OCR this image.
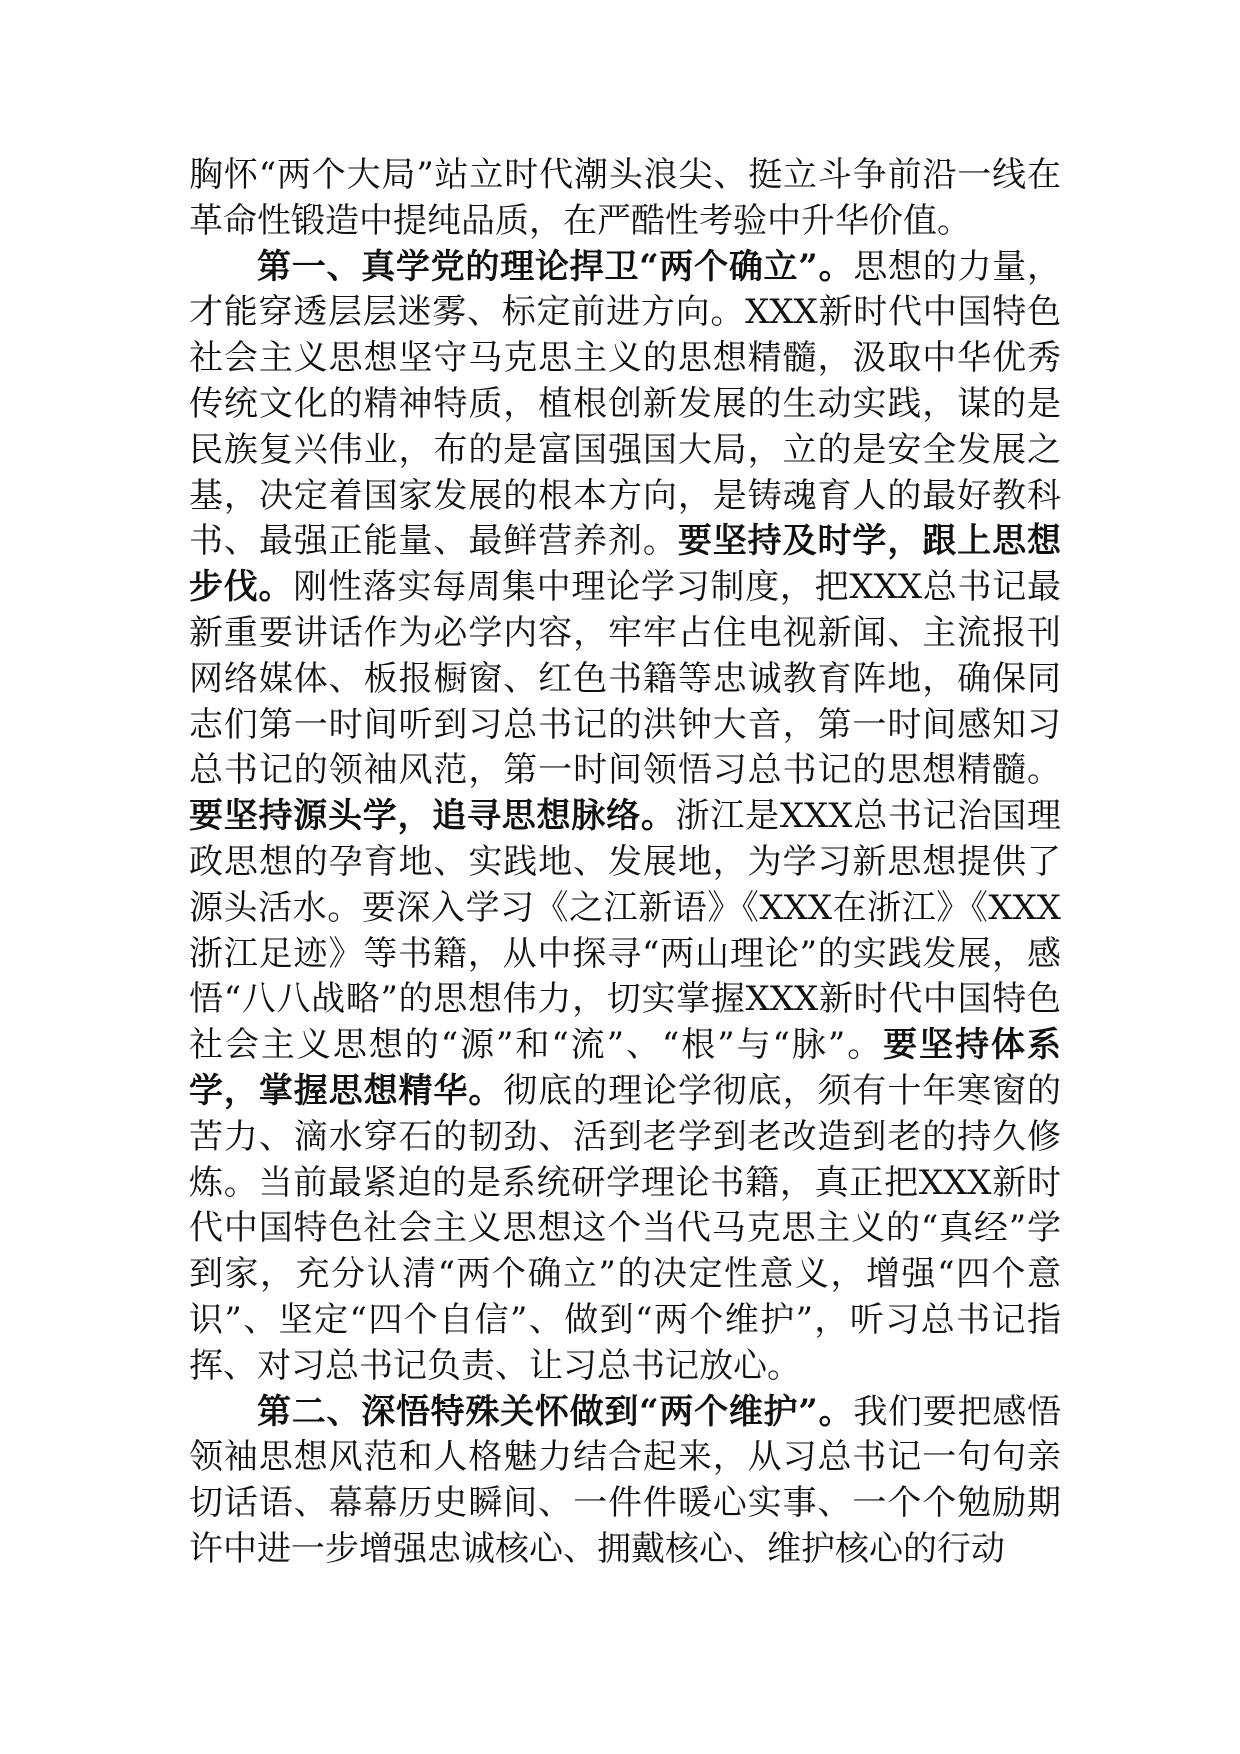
胸怀“两个大局”站立时代潮头浪尖、挺立斗争前沿一线在革命性锻造中提纯品质，在严酷性考验中升华价值。

第一、真学党的理论捍卫“两个确立”。思想的力量，才能穿透层层迷雾、标定前进方向。XXX新时代中国特色社会主义思想坚守马克思主义的思想精髓，汲取中华优秀传统文化的精神特质，植根创新发展的生动实践，谋的是民族复兴伟业，布的是富国强国大局，立的是安全发展之基，决定着国家发展的根本方向，是铸魂育人的最好教科书、最强正能量、最鲜营养剂。要坚持及时学，跟上思想步伐。刚性落实每周集中理论学习制度，把XXX总书记最新重要讲话作为必学内容，牢牢占住电视新闻、主流报刊网络媒体、板报橱窗、红色书籍等忠诚教育阵地，确保同志们第一时间听到习总书记的洪钟大音，第一时间感知习总书记的领袖风范，第一时间领悟习总书记的思想精髓。要坚持源头学，追寻思想脉络。浙江是XXX总书记治国理政思想的孕育地、实践地、发展地，为学习新思想提供了源头活水。要深入学习《之江新语》《XXX在浙江》《XXX浙江足迹》等书籍，从中探寻“两山理论”的实践发展，感悟“八八战略”的思想伟力，切实掌握XXX新时代中国特色社会主义思想的“源”和“流”、“根”与“脉”。要坚持体系学，掌握思想精华。彻底的理论学彻底，须有十年寒窗的苦力、滴水穿石的韧劲、活到老学到老改造到老的持久修炼。当前最紧迫的是系统研学理论书籍，真正把XXX新时代中国特色社会主义思想这个当代马克思主义的“真经”学到家，充分认清“两个确立”的决定性意义，增强“四个意识”、坚定“四个自信”、做到“两个维护”，听习总书记指挥、对习总书记负责、让习总书记放心。

第二、深悟特殊关怀做到“两个维护”。我们要把感悟领袖思想风范和人格魅力结合起来，从习总书记一句句亲切话语、幕幕历史瞬间、一件件暖心实事、一个个勉励期许中进一步增强忠诚核心、拥戴核心、维护核心的行动
